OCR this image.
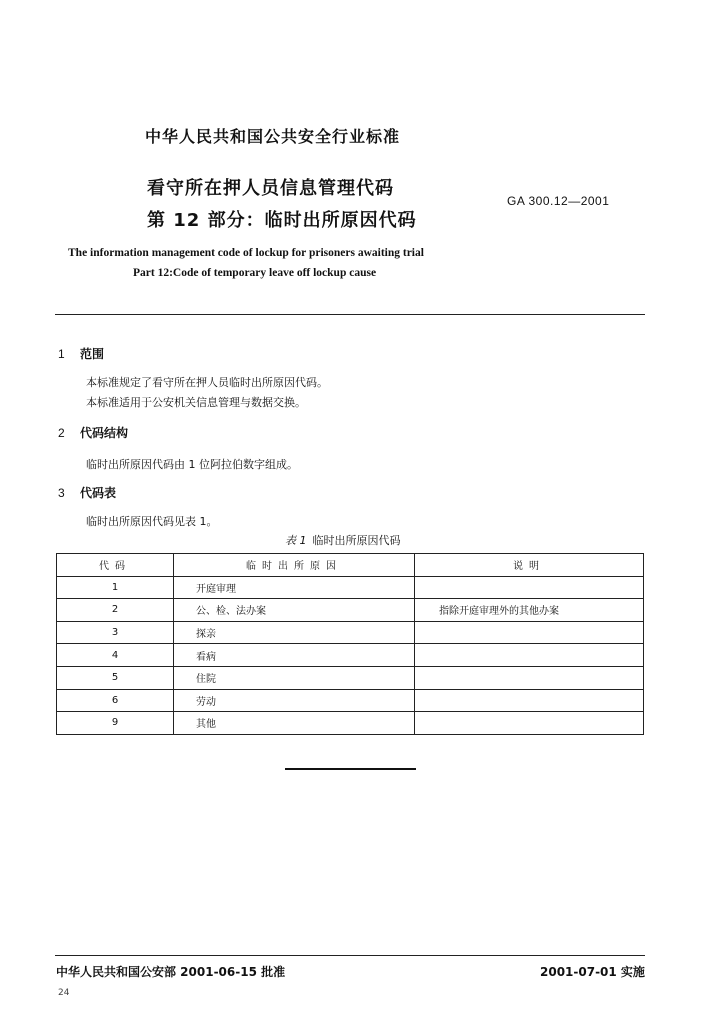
中华人民共和国公共安全行业标准
看守所在押人员信息管理代码
第 12 部分：临时出所原因代码
GA 300.12—2001
The information management code of lockup for prisoners awaiting trial
Part 12:Code of temporary leave off lockup cause
1 范围
本标准规定了看守所在押人员临时出所原因代码。
本标准适用于公安机关信息管理与数据交换。
2 代码结构
临时出所原因代码由 1 位阿拉伯数字组成。
3 代码表
临时出所原因代码见表 1。
表 1 临时出所原因代码
代码	临时出所原因	说明
1	开庭审理	
2	公、检、法办案	指除开庭审理外的其他办案
3	探亲	
4	看病	
5	住院	
6	劳动	
9	其他	
中华人民共和国公安部 2001-06-15 批准	2001-07-01 实施
24
